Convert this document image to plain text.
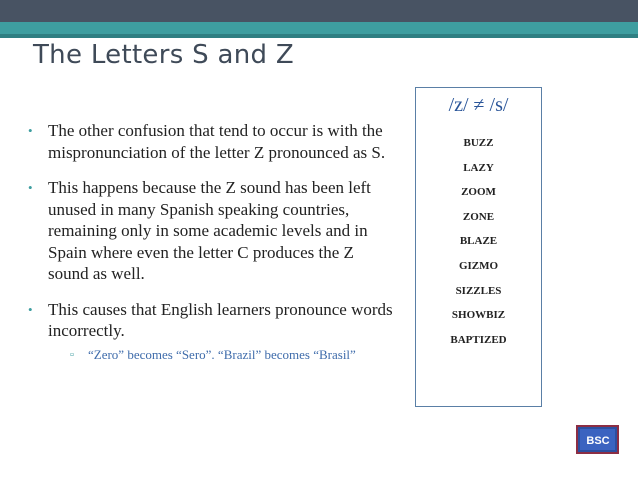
The Letters S and Z
• The other confusion that tend to occur is with the mispronunciation of the letter Z pronounced as S.
• This happens because the Z sound has been left unused in many Spanish speaking countries, remaining only in some academic levels and in Spain where even the letter C produces the Z sound as well.
• This causes that English learners pronounce words incorrectly.
▫ “Zero” becomes “Sero”. “Brazil” becomes “Brasil”
/z/ ≠ /s/
BUZZ
LAZY
ZOOM
ZONE
BLAZE
GIZMO
SIZZLES
SHOWBIZ
BAPTIZED
BSC
